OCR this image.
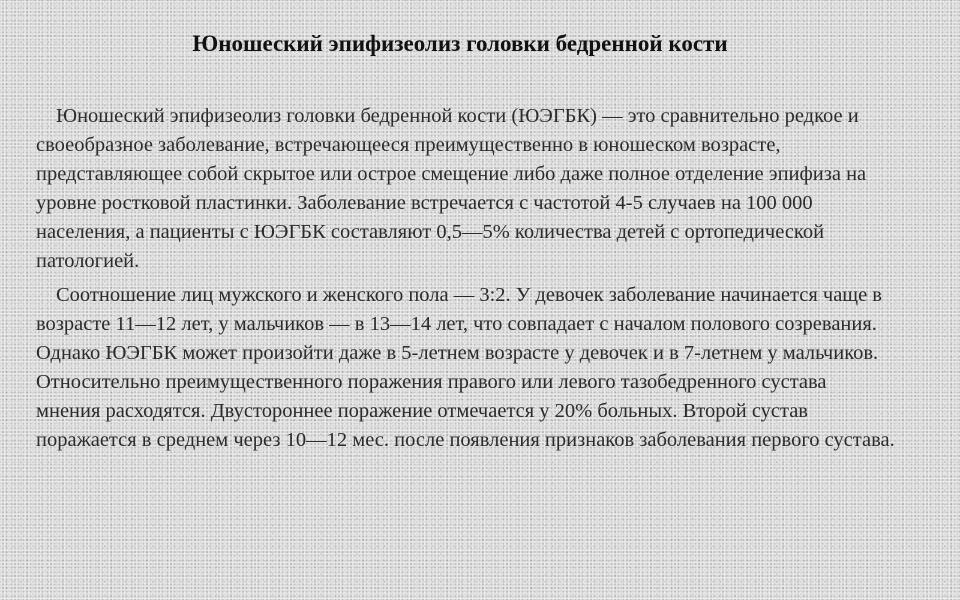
Юношеский эпифизеолиз головки бедренной кости

Юношеский эпифизеолиз головки бедренной кости (ЮЭГБК) — это сравнительно редкое и своеобразное заболевание, встречающееся преимущественно в юношеском возрасте, представляющее собой скрытое или острое смещение либо даже полное отделение эпифиза на уровне ростковой пластинки. Заболевание встречается с частотой 4-5 случаев на 100 000 населения, а пациенты с ЮЭГБК составляют 0,5—5% количества детей с ортопедической патологией.

Соотношение лиц мужского и женского пола — 3:2. У девочек заболевание начинается чаще в возрасте 11—12 лет, у мальчиков — в 13—14 лет, что совпадает с началом полового созревания. Однако ЮЭГБК может произойти даже в 5-летнем возрасте у девочек и в 7-летнем у мальчиков. Относительно преимущественного поражения правого или левого тазобедренного сустава мнения расходятся. Двустороннее поражение отмечается у 20% больных. Второй сустав поражается в среднем через 10—12 мес. после появления признаков заболевания первого сустава.
